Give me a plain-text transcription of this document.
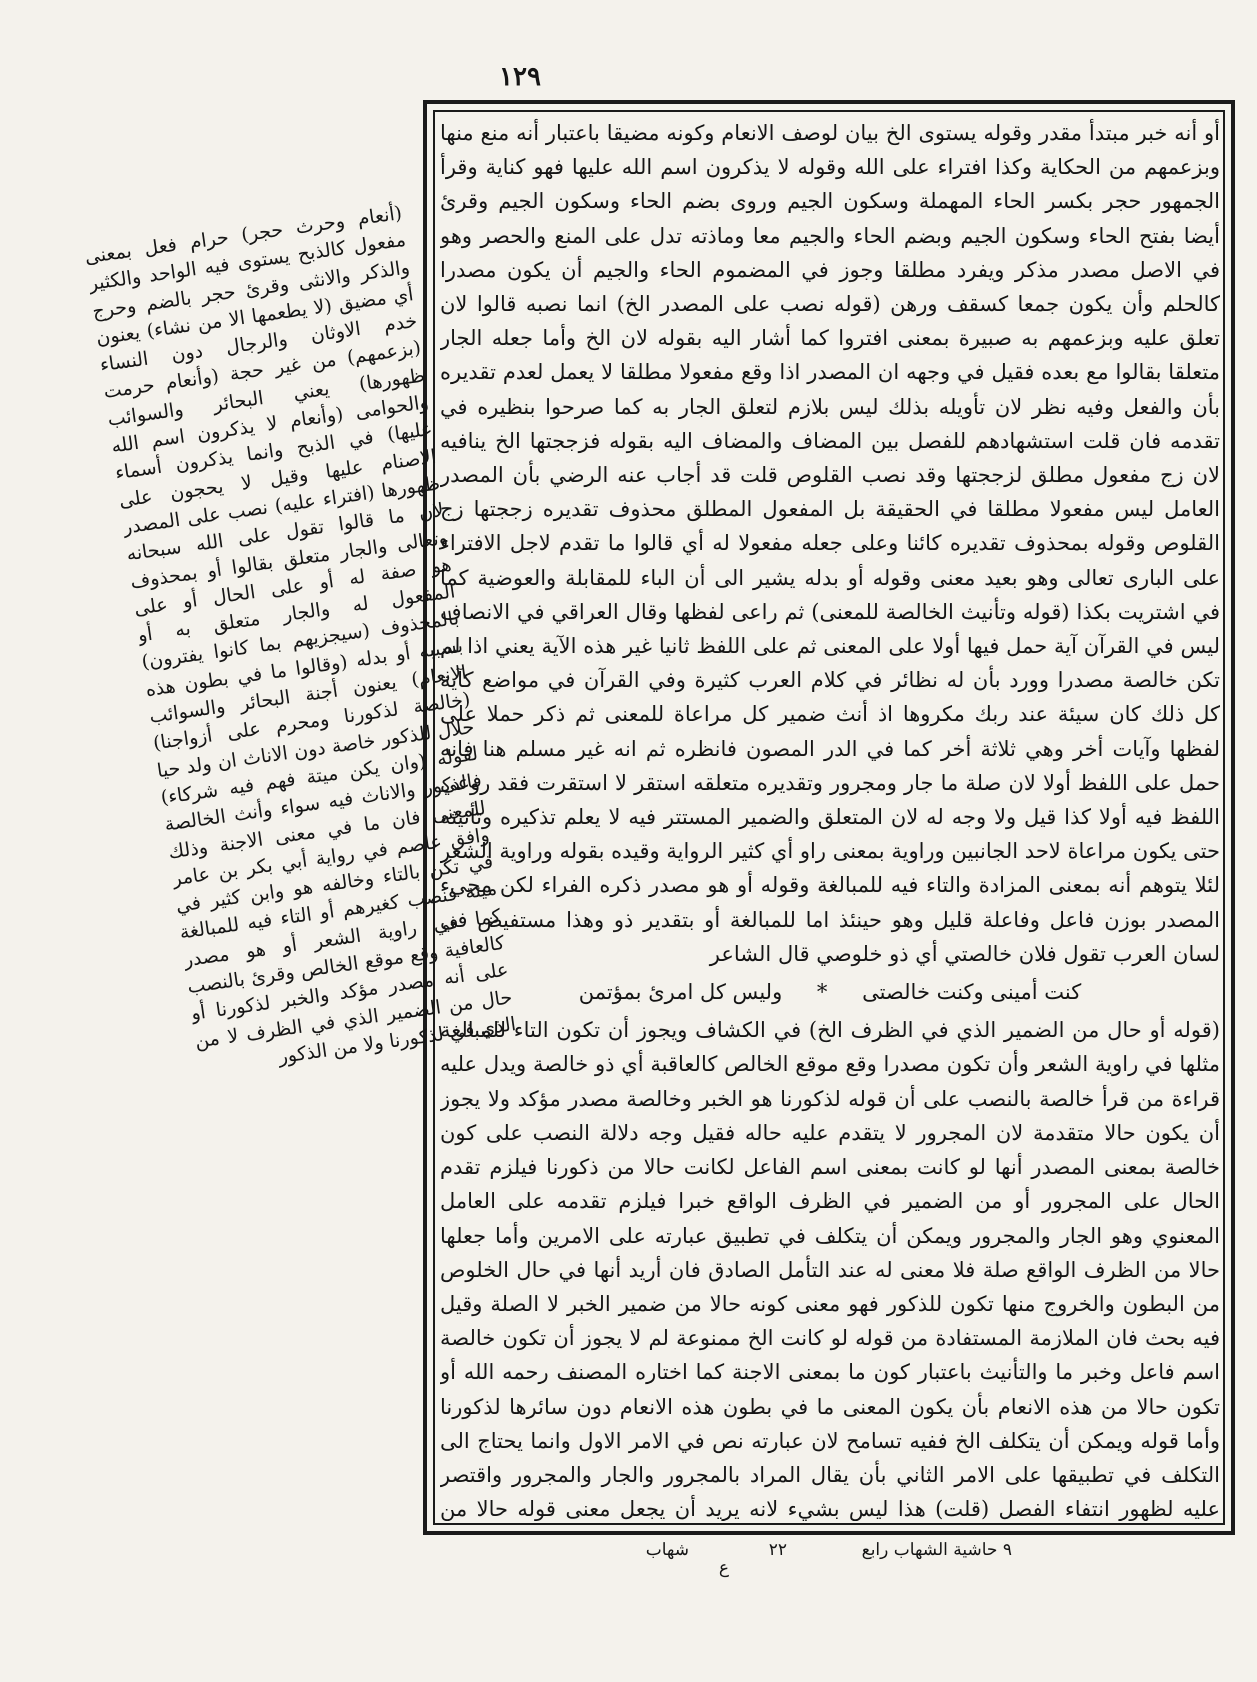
١٢٩

أو أنه خبر مبتدأ مقدر وقوله يستوى الخ بيان لوصف الانعام وكونه مضيقا باعتبار أنه منع منها وبزعمهم من الحكاية وكذا افتراء على الله وقوله لا يذكرون اسم الله عليها فهو كناية وقرأ الجمهور حجر بكسر الحاء المهملة وسكون الجيم وروى بضم الحاء وسكون الجيم وقرئ أيضا بفتح الحاء وسكون الجيم وبضم الحاء والجيم معا وماذته تدل على المنع والحصر وهو في الاصل مصدر مذكر ويفرد مطلقا وجوز في المضموم الحاء والجيم أن يكون مصدرا كالحلم وأن يكون جمعا كسقف ورهن (قوله نصب على المصدر الخ) انما نصبه قالوا لان تعلق عليه وبزعمهم به صبيرة بمعنى افتروا كما أشار اليه بقوله لان الخ وأما جعله الجار متعلقا بقالوا مع بعده فقيل في وجهه ان المصدر اذا وقع مفعولا مطلقا لا يعمل لعدم تقديره بأن والفعل وفيه نظر لان تأويله بذلك ليس بلازم لتعلق الجار به كما صرحوا بنظيره في تقدمه فان قلت استشهادهم للفصل بين المضاف والمضاف اليه بقوله فزججتها الخ ينافيه لان زج مفعول مطلق لزججتها وقد نصب القلوص قلت قد أجاب عنه الرضي بأن المصدر العامل ليس مفعولا مطلقا في الحقيقة بل المفعول المطلق محذوف تقديره زججتها زج القلوص وقوله بمحذوف تقديره كائنا وعلى جعله مفعولا له أي قالوا ما تقدم لاجل الافتراء على البارى تعالى وهو بعيد معنى وقوله أو بدله يشير الى أن الباء للمقابلة والعوضية كما في اشتريت بكذا (قوله وتأنيث الخالصة للمعنى) ثم راعى لفظها وقال العراقي في الانصاف ليس في القرآن آية حمل فيها أولا على المعنى ثم على اللفظ ثانيا غير هذه الآية يعني اذا لم تكن خالصة مصدرا وورد بأن له نظائر في كلام العرب كثيرة وفي القرآن في مواضع كآية كل ذلك كان سيئة عند ربك مكروها اذ أنث ضمير كل مراعاة للمعنى ثم ذكر حملا على لفظها وآيات أخر وهي ثلاثة أخر كما في الدر المصون فانظره ثم انه غير مسلم هنا فانه حمل على اللفظ أولا لان صلة ما جار ومجرور وتقديره متعلقه استقر لا استقرت فقد روعي اللفظ فيه أولا كذا قيل ولا وجه له لان المتعلق والضمير المستتر فيه لا يعلم تذكيره وتأنيثه حتى يكون مراعاة لاحد الجانبين وراوية بمعنى راو أي كثير الرواية وقيده بقوله وراوية الشعر لئلا يتوهم أنه بمعنى المزادة والتاء فيه للمبالغة وقوله أو هو مصدر ذكره الفراء لكن مجيء المصدر بوزن فاعل وفاعلة قليل وهو حينئذ اما للمبالغة أو بتقدير ذو وهذا مستفيض في لسان العرب تقول فلان خالصتي أي ذو خلوصي قال الشاعر

كنت أمينى وكنت خالصتى * وليس كل امرئ بمؤتمن

(قوله أو حال من الضمير الذي في الظرف الخ) في الكشاف ويجوز أن تكون التاء للمبالغة مثلها في راوية الشعر وأن تكون مصدرا وقع موقع الخالص كالعاقبة أي ذو خالصة ويدل عليه قراءة من قرأ خالصة بالنصب على أن قوله لذكورنا هو الخبر وخالصة مصدر مؤكد ولا يجوز أن يكون حالا متقدمة لان المجرور لا يتقدم عليه حاله فقيل وجه دلالة النصب على كون خالصة بمعنى المصدر أنها لو كانت بمعنى اسم الفاعل لكانت حالا من ذكورنا فيلزم تقدم الحال على المجرور أو من الضمير في الظرف الواقع خبرا فيلزم تقدمه على العامل المعنوي وهو الجار والمجرور ويمكن أن يتكلف في تطبيق عبارته على الامرين وأما جعلها حالا من الظرف الواقع صلة فلا معنى له عند التأمل الصادق فان أريد أنها في حال الخلوص من البطون والخروج منها تكون للذكور فهو معنى كونه حالا من ضمير الخبر لا الصلة وقيل فيه بحث فان الملازمة المستفادة من قوله لو كانت الخ ممنوعة لم لا يجوز أن تكون خالصة اسم فاعل وخبر ما والتأنيث باعتبار كون ما بمعنى الاجنة كما اختاره المصنف رحمه الله أو تكون حالا من هذه الانعام بأن يكون المعنى ما في بطون هذه الانعام دون سائرها لذكورنا وأما قوله ويمكن أن يتكلف الخ ففيه تسامح لان عبارته نص في الامر الاول وانما يحتاج الى التكلف في تطبيقها على الامر الثاني بأن يقال المراد بالمجرور والجار والمجرور واقتصر عليه لظهور انتفاء الفصل (قلت) هذا ليس بشيء لانه يريد أن يجعل معنى قوله حالا من

(أنعام وحرث حجر) حرام فعل بمعنى مفعول كالذبح يستوى فيه الواحد والكثير والذكر والانثى وقرئ حجر بالضم وحرج أي مضيق (لا يطعمها الا من نشاء) يعنون خدم الاوثان والرجال دون النساء (بزعمهم) من غير حجة (وأنعام حرمت ظهورها) يعني البحائر والسوائب والحوامى (وأنعام لا يذكرون اسم الله عليها) في الذبح وانما يذكرون أسماء الاصنام عليها وقيل لا يحجون على ظهورها (افتراء عليه) نصب على المصدر لان ما قالوا تقول على الله سبحانه وتعالى والجار متعلق بقالوا أو بمحذوف هو صفة له أو على الحال أو على المفعول له والجار متعلق به أو بالمحذوف (سيجزيهم بما كانوا يفترون) بسببه أو بدله (وقالوا ما في بطون هذه الانعام) يعنون أجنة البحائر والسوائب (خالصة لذكورنا ومحرم على أزواجنا) حلال للذكور خاصة دون الاناث ان ولد حيا لقوله (وان يكن ميتة فهم فيه شركاء) فالذكور والاناث فيه سواء وأنث الخالصة للمعنى فان ما في معنى الاجنة وذلك وافق عاصم في رواية أبي بكر بن عامر في تكن بالتاء وخالفه هو وابن كثير في ميتة فنصب كغيرهم أو التاء فيه للمبالغة كما في راوية الشعر أو هو مصدر كالعافية وقع موقع الخالص وقرئ بالنصب على أنه مصدر مؤكد والخبر لذكورنا أو حال من الضمير الذي في الظرف لا من الذي في لذكورنا ولا من الذكور
٩ حاشية الشهاب رابع
٢٢
شهاب
ع
